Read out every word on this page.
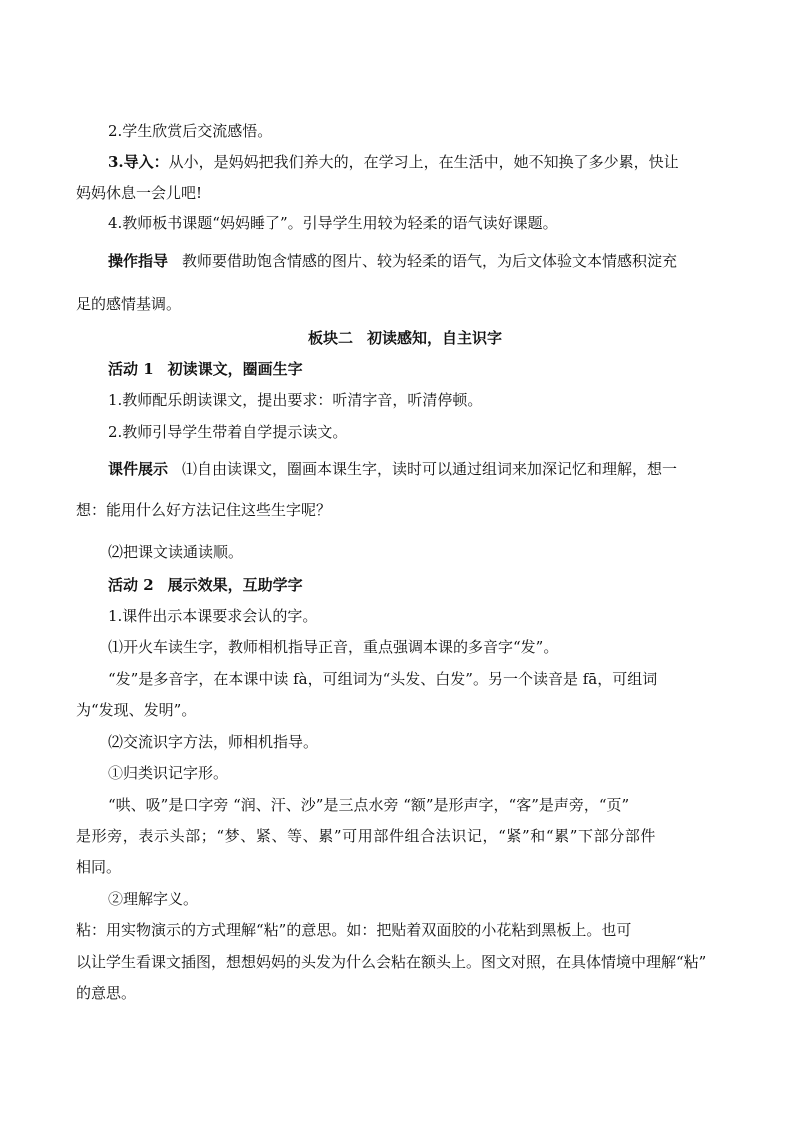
2.学生欣赏后交流感悟。

3.导入：从小，是妈妈把我们养大的，在学习上，在生活中，她不知换了多少累，快让

妈妈休息一会儿吧!

4.教师板书课题“妈妈睡了”。引导学生用较为轻柔的语气读好课题。

操作指导 教师要借助饱含情感的图片、较为轻柔的语气，为后文体验文本情感积淀充

足的感情基调。

板块二 初读感知，自主识字

活动 1 初读课文，圈画生字

1.教师配乐朗读课文，提出要求：听清字音，听清停顿。

2.教师引导学生带着自学提示读文。

课件展示 ⑴自由读课文，圈画本课生字，读时可以通过组词来加深记忆和理解，想一

想：能用什么好方法记住这些生字呢？

⑵把课文读通读顺。

活动 2 展示效果，互助学字

1.课件出示本课要求会认的字。

⑴开火车读生字，教师相机指导正音，重点强调本课的多音字“发”。

“发”是多音字，在本课中读 fà，可组词为“头发、白发”。另一个读音是 fā，可组词

为“发现、发明”。

⑵交流识字方法，师相机指导。

①归类识记字形。

“哄、吸”是口字旁 “润、汗、沙”是三点水旁 “额”是形声字，“客”是声旁，“页”

是形旁，表示头部；“梦、紧、等、累”可用部件组合法识记，“紧”和“累”下部分部件

相同。

②理解字义。

粘：用实物演示的方式理解“粘”的意思。如：把贴着双面胶的小花粘到黑板上。也可

以让学生看课文插图，想想妈妈的头发为什么会粘在额头上。图文对照，在具体情境中理解“粘”

的意思。
